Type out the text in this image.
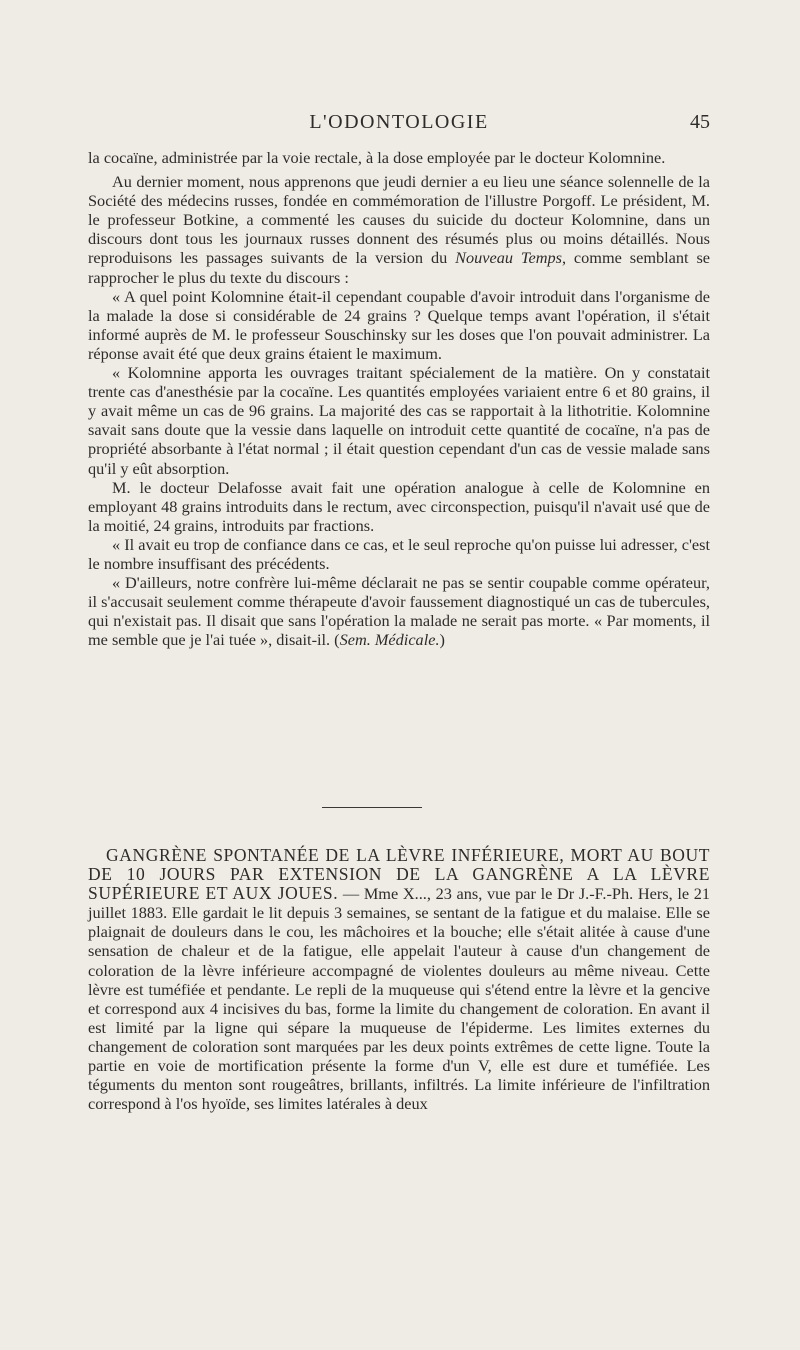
L'ODONTOLOGIE	45

la cocaïne, administrée par la voie rectale, à la dose employée par le docteur Kolomnine.

Au dernier moment, nous apprenons que jeudi dernier a eu lieu une séance solennelle de la Société des médecins russes, fondée en commémoration de l'illustre Porgoff. Le président, M. le professeur Botkine, a commenté les causes du suicide du docteur Kolomnine, dans un discours dont tous les journaux russes donnent des résumés plus ou moins détaillés. Nous reproduisons les passages suivants de la version du Nouveau Temps, comme semblant se rapprocher le plus du texte du discours :

« A quel point Kolomnine était-il cependant coupable d'avoir introduit dans l'organisme de la malade la dose si considérable de 24 grains ? Quelque temps avant l'opération, il s'était informé auprès de M. le professeur Souschinsky sur les doses que l'on pouvait administrer. La réponse avait été que deux grains étaient le maximum.

« Kolomnine apporta les ouvrages traitant spécialement de la matière. On y constatait trente cas d'anesthésie par la cocaïne. Les quantités employées variaient entre 6 et 80 grains, il y avait même un cas de 96 grains. La majorité des cas se rapportait à la lithotritie. Kolomnine savait sans doute que la vessie dans laquelle on introduit cette quantité de cocaïne, n'a pas de propriété absorbante à l'état normal ; il était question cependant d'un cas de vessie malade sans qu'il y eût absorption.

M. le docteur Delafosse avait fait une opération analogue à celle de Kolomnine en employant 48 grains introduits dans le rectum, avec circonspection, puisqu'il n'avait usé que de la moitié, 24 grains, introduits par fractions.

« Il avait eu trop de confiance dans ce cas, et le seul reproche qu'on puisse lui adresser, c'est le nombre insuffisant des précédents.

« D'ailleurs, notre confrère lui-même déclarait ne pas se sentir coupable comme opérateur, il s'accusait seulement comme thérapeute d'avoir faussement diagnostiqué un cas de tubercules, qui n'existait pas. Il disait que sans l'opération la malade ne serait pas morte. « Par moments, il me semble que je l'ai tuée », disait-il. (Sem. Médicale.)

GANGRÈNE SPONTANÉE DE LA LÈVRE INFÉRIEURE, MORT AU BOUT DE 10 JOURS PAR EXTENSION DE LA GANGRÈNE A LA LÈVRE SUPÉRIEURE ET AUX JOUES. — Mme X..., 23 ans, vue par le Dr J.-F.-Ph. Hers, le 21 juillet 1883. Elle gardait le lit depuis 3 semaines, se sentant de la fatigue et du malaise. Elle se plaignait de douleurs dans le cou, les mâchoires et la bouche; elle s'était alitée à cause d'une sensation de chaleur et de la fatigue, elle appelait l'auteur à cause d'un changement de coloration de la lèvre inférieure accompagné de violentes douleurs au même niveau. Cette lèvre est tuméfiée et pendante. Le repli de la muqueuse qui s'étend entre la lèvre et la gencive et correspond aux 4 incisives du bas, forme la limite du changement de coloration. En avant il est limité par la ligne qui sépare la muqueuse de l'épiderme. Les limites externes du changement de coloration sont marquées par les deux points extrêmes de cette ligne. Toute la partie en voie de mortification présente la forme d'un V, elle est dure et tuméfiée. Les téguments du menton sont rougeâtres, brillants, infiltrés. La limite inférieure de l'infiltration correspond à l'os hyoïde, ses limites latérales à deux
